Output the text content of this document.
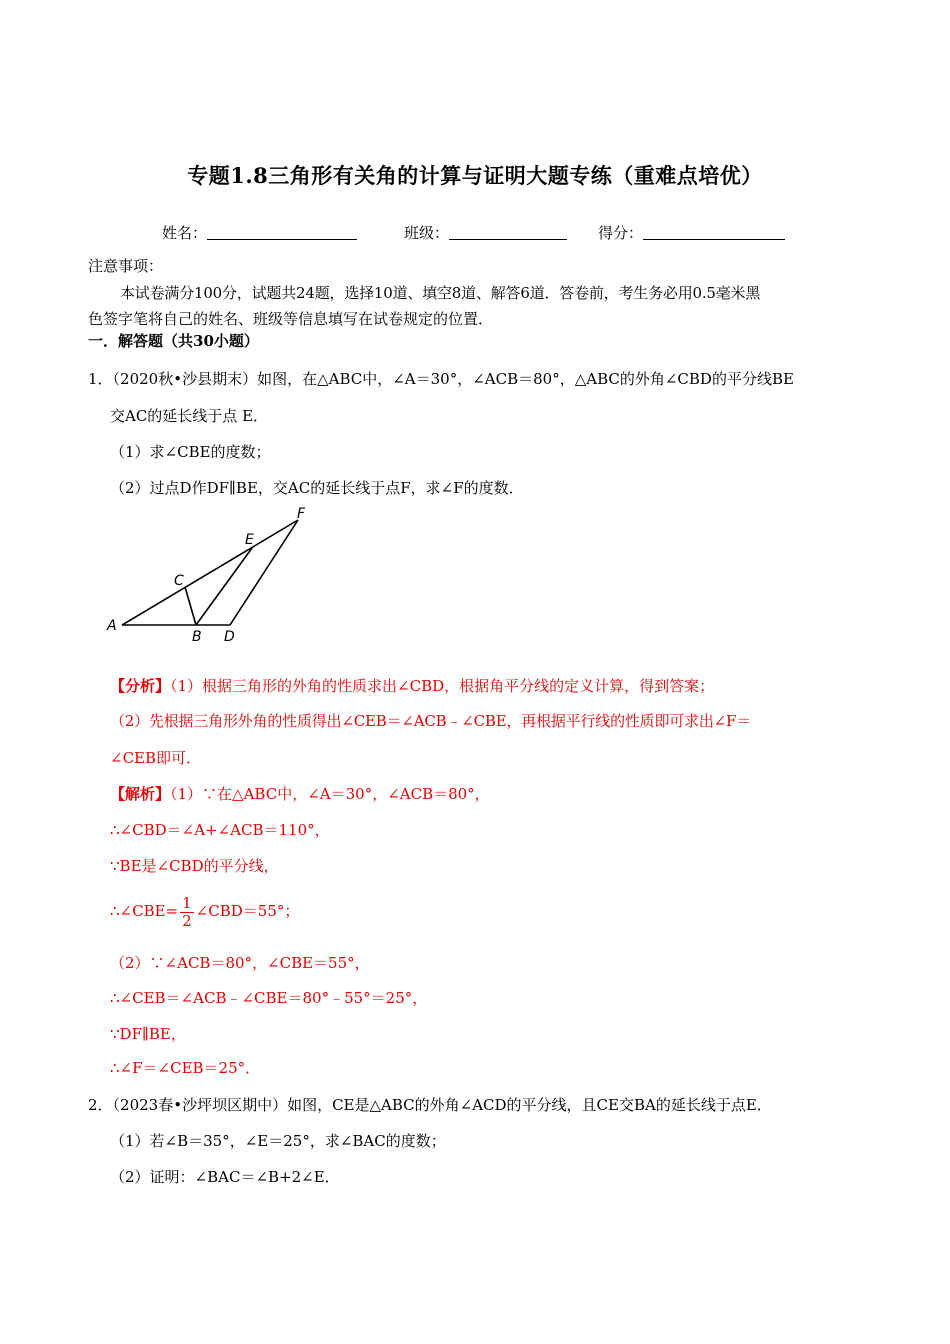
专题1.8三角形有关角的计算与证明大题专练（重难点培优）
姓名：	班级：	得分：
注意事项：
本试卷满分100分，试题共24题，选择10道、填空8道、解答6道．答卷前，考生务必用0.5毫米黑
色签字笔将自己的姓名、班级等信息填写在试卷规定的位置．
一．解答题（共30小题）
1．（2020秋•沙县期末）如图，在△ABC中，∠A＝30°，∠ACB＝80°，△ABC的外角∠CBD的平分线BE
交AC的延长线于点 E．
（1）求∠CBE的度数；
（2）过点D作DF∥BE，交AC的延长线于点F，求∠F的度数．
A
B
C
D
E
F
【分析】（1）根据三角形的外角的性质求出∠CBD，根据角平分线的定义计算，得到答案；
（2）先根据三角形外角的性质得出∠CEB＝∠ACB﹣∠CBE，再根据平行线的性质即可求出∠F＝
∠CEB即可．
【解析】（1）∵在△ABC中，∠A＝30°，∠ACB＝80°，
∴∠CBD＝∠A+∠ACB＝110°，
∵BE是∠CBD的平分线，
∴∠CBE= $\frac{1}{2}$ ∠CBD＝55°；
（2）∵∠ACB＝80°，∠CBE＝55°，
∴∠CEB＝∠ACB﹣∠CBE＝80°﹣55°＝25°，
∵DF∥BE，
∴∠F＝∠CEB＝25°．
2．（2023春•沙坪坝区期中）如图，CE是△ABC的外角∠ACD的平分线，且CE交BA的延长线于点E．
（1）若∠B＝35°，∠E＝25°，求∠BAC的度数；
（2）证明：∠BAC＝∠B+2∠E．
